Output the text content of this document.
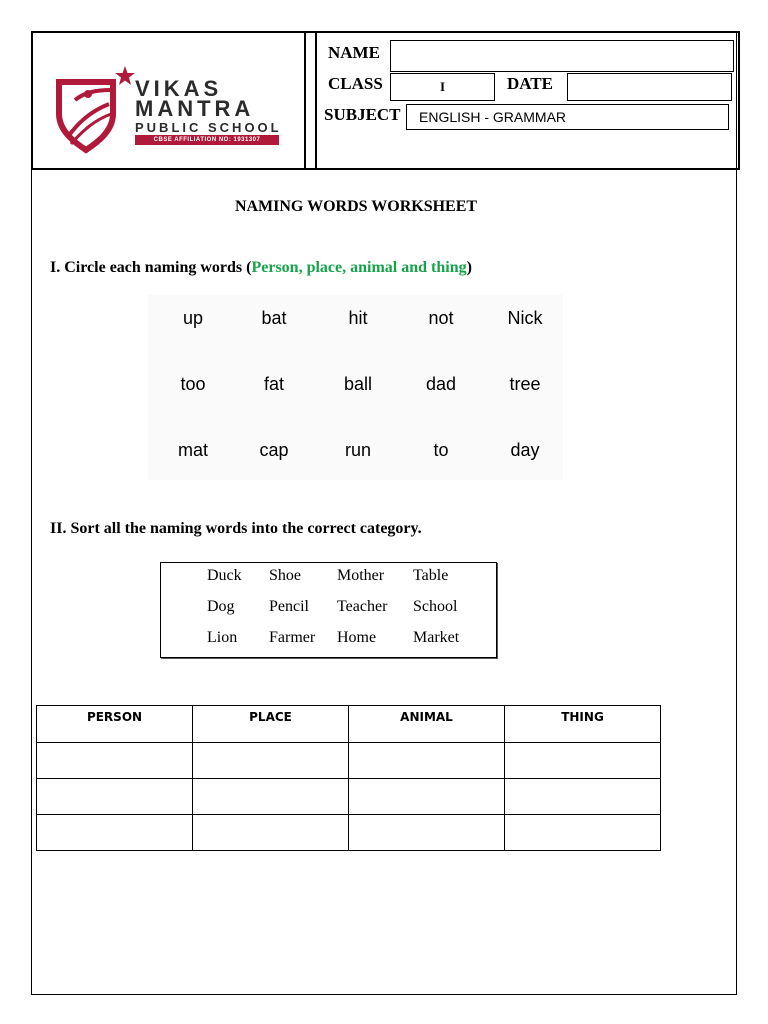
VIKAS
MANTRA
PUBLIC SCHOOL
CBSE AFFILIATION NO: 1931307
NAME
CLASS	I	DATE
SUBJECT	ENGLISH - GRAMMAR
NAMING WORDS WORKSHEET
I. Circle each naming words (Person, place, animal and thing)
up	bat	hit	not	Nick
too	fat	ball	dad	tree
mat	cap	run	to	day
II. Sort all the naming words into the correct category.
Duck Shoe Mother Table
Dog Pencil Teacher School
Lion Farmer Home Market
PERSON	PLACE	ANIMAL	THING
